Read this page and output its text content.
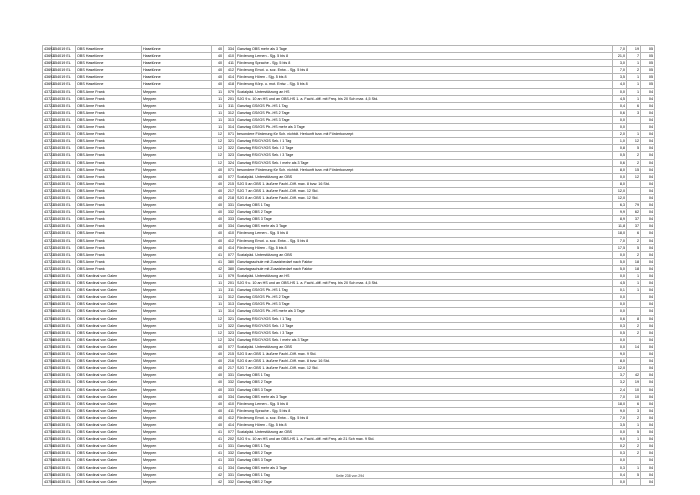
43692	454019 EL	OBS Haselünne	Haselünne	40	334	Ganztag OBS mehr als 3 Tage	7,0	19	05
43692	454019 EL	OBS Haselünne	Haselünne	40	410	Förderung Lernen - Sjg. 5 bis 8	21,0	7	05
43692	454019 EL	OBS Haselünne	Haselünne	40	411	Förderung Sprache - Sjg. 5 bis 8	3,0	1	05
43692	454019 EL	OBS Haselünne	Haselünne	40	412	Förderung Emot. u. soz. Entw. - Sjg. 5 bis 8	7,0	2	05
43692	454019 EL	OBS Haselünne	Haselünne	40	414	Förderung Hören - Sjg. 5 bis 8	3,5	1	05
43692	454019 EL	OBS Haselünne	Haselünne	40	418	Förderung Körp. u. mot. Entw. - Sjg. 5 bis 8	4,0	1	05
43722	454035 EL	OBS Anne Frank	Meppen	11	079	Sozialpäd. Unterstützung an HS	0,0	1	04
43722	454035 EL	OBS Anne Frank	Meppen	11	201	SJG 9 u. 10 an HS und an OBS-HS 1. a. Fachl.-diff. mit Freq. bis 20 Sch max. 4,5 Std.	4,5	1	04
43722	454035 EL	OBS Anne Frank	Meppen	11	311	Ganztag GS/IGS Pb.-HS 1 Tag	0,4	6	04
43722	454035 EL	OBS Anne Frank	Meppen	11	312	Ganztag GS/IGS Pb.-HS 2 Tage	0,6	3	04
43722	454035 EL	OBS Anne Frank	Meppen	11	313	Ganztag GS/IGS Pb.-HS 3 Tage	0,0		04
43722	454035 EL	OBS Anne Frank	Meppen	11	314	Ganztag GS/IGS Pb.-HS mehr als 3 Tage	0,0		04
43722	454035 EL	OBS Anne Frank	Meppen	12	071	besondere Förderung für Sch. nichtdt. Herkunft bzw. mit Förderkonzept	2,0	1	04
43722	454035 EL	OBS Anne Frank	Meppen	12	321	Ganztag RS/GY/IGS Sek. I 1 Tag	1,0	12	04
43722	454035 EL	OBS Anne Frank	Meppen	12	322	Ganztag RS/GY/IGS Sek. I 2 Tage	0,8	5	04
43722	454035 EL	OBS Anne Frank	Meppen	12	323	Ganztag RS/GY/IGS Sek. I 3 Tage	0,5	2	04
43722	454035 EL	OBS Anne Frank	Meppen	12	324	Ganztag RS/GY/IGS Sek. I mehr als 3 Tage	0,6	2	04
43722	454035 EL	OBS Anne Frank	Meppen	40	071	besondere Förderung für Sch. nichtdt. Herkunft bzw. mit Förderkonzept	8,0	15	04
43722	454035 EL	OBS Anne Frank	Meppen	40	077	Sozialpäd. Unterstützung an OBS	0,0	12	04
43722	454035 EL	OBS Anne Frank	Meppen	40	215	SJG 5 an OBS 1. äußere Fachl.-Diff. max. 8 bzw. 16 Std.	8,0		04
43722	454035 EL	OBS Anne Frank	Meppen	40	217	SJG 7 an OBS 1. äußere Fachl.-Diff. max. 12 Std.	12,0		04
43722	454035 EL	OBS Anne Frank	Meppen	40	218	SJG 8 an OBS 1. äußere Fachl.-Diff. max. 12 Std.	12,0		04
43722	454035 EL	OBS Anne Frank	Meppen	40	331	Ganztag OBS 1 Tag	6,3	79	04
43722	454035 EL	OBS Anne Frank	Meppen	40	332	Ganztag OBS 2 Tage	9,9	62	04
43722	454035 EL	OBS Anne Frank	Meppen	40	333	Ganztag OBS 3 Tage	8,9	37	04
43722	454035 EL	OBS Anne Frank	Meppen	40	334	Ganztag OBS mehr als 3 Tage	11,8	37	04
43722	454035 EL	OBS Anne Frank	Meppen	40	410	Förderung Lernen - Sjg. 5 bis 8	18,0	6	04
43722	454035 EL	OBS Anne Frank	Meppen	40	412	Förderung Emot. u. soz. Entw. - Sjg. 5 bis 8	7,0	2	04
43722	454035 EL	OBS Anne Frank	Meppen	40	414	Förderung Hören - Sjg. 5 bis 8	17,5	5	04
43722	454035 EL	OBS Anne Frank	Meppen	41	077	Sozialpäd. Unterstützung an OBS	0,0	2	04
43722	454035 EL	OBS Anne Frank	Meppen	41	380	Ganztagsschule mit Zusatzbedarf nach Faktor	5,0	18	04
43722	454035 EL	OBS Anne Frank	Meppen	42	380	Ganztagsschule mit Zusatzbedarf nach Faktor	5,0	18	04
43758	454035 EL	OBS Kardinal von Galen	Meppen	11	079	Sozialpäd. Unterstützung an HS	0,0	1	04
43758	454035 EL	OBS Kardinal von Galen	Meppen	11	201	SJG 9 u. 10 an HS und an OBS-HS 1. a. Fachl.-diff. mit Freq. bis 20 Sch max. 4,5 Std.	4,5	1	04
43758	454035 EL	OBS Kardinal von Galen	Meppen	11	311	Ganztag GS/IGS Pb.-HS 1 Tag	0,1	1	04
43758	454035 EL	OBS Kardinal von Galen	Meppen	11	312	Ganztag GS/IGS Pb.-HS 2 Tage	0,0		04
43758	454035 EL	OBS Kardinal von Galen	Meppen	11	313	Ganztag GS/IGS Pb.-HS 3 Tage	0,0		04
43758	454035 EL	OBS Kardinal von Galen	Meppen	11	314	Ganztag GS/IGS Pb.-HS mehr als 3 Tage	0,0		04
43758	454035 EL	OBS Kardinal von Galen	Meppen	12	321	Ganztag RS/GY/IGS Sek. I 1 Tag	0,6	8	04
43758	454035 EL	OBS Kardinal von Galen	Meppen	12	322	Ganztag RS/GY/IGS Sek. I 2 Tage	0,3	2	04
43758	454035 EL	OBS Kardinal von Galen	Meppen	12	323	Ganztag RS/GY/IGS Sek. I 3 Tage	0,5	2	04
43758	454035 EL	OBS Kardinal von Galen	Meppen	12	324	Ganztag RS/GY/IGS Sek. I mehr als 3 Tage	0,0		04
43758	454035 EL	OBS Kardinal von Galen	Meppen	40	077	Sozialpäd. Unterstützung an OBS	0,0	14	04
43758	454035 EL	OBS Kardinal von Galen	Meppen	40	215	SJG 5 an OBS 1. äußere Fachl.-Diff. max. 9 Std.	9,0		04
43758	454035 EL	OBS Kardinal von Galen	Meppen	40	216	SJG 6 an OBS 1. äußere Fachl.-Diff. max. 8 bzw. 16 Std.	8,0		04
43758	454035 EL	OBS Kardinal von Galen	Meppen	40	217	SJG 7 an OBS 1. äußere Fachl.-Diff. max. 12 Std.	12,0		04
43758	454035 EL	OBS Kardinal von Galen	Meppen	40	331	Ganztag OBS 1 Tag	3,7	42	04
43758	454035 EL	OBS Kardinal von Galen	Meppen	40	332	Ganztag OBS 2 Tage	3,2	19	04
43758	454035 EL	OBS Kardinal von Galen	Meppen	40	333	Ganztag OBS 3 Tage	2,4	10	04
43758	454035 EL	OBS Kardinal von Galen	Meppen	40	334	Ganztag OBS mehr als 3 Tage	7,0	10	04
43758	454035 EL	OBS Kardinal von Galen	Meppen	40	410	Förderung Lernen - Sjg. 5 bis 8	18,0	6	04
43758	454035 EL	OBS Kardinal von Galen	Meppen	40	411	Förderung Sprache - Sjg. 5 bis 8	9,0	3	04
43758	454035 EL	OBS Kardinal von Galen	Meppen	40	412	Förderung Emot. u. soz. Entw. - Sjg. 5 bis 8	7,0	2	04
43758	454035 EL	OBS Kardinal von Galen	Meppen	40	414	Förderung Hören - Sjg. 5 bis 8	3,5	1	04
43758	454035 EL	OBS Kardinal von Galen	Meppen	41	077	Sozialpäd. Unterstützung an OBS	0,0	5	04
43758	454035 EL	OBS Kardinal von Galen	Meppen	41	202	SJG 9 u. 10 an HS und an OBS-HS 1. a. Fachl.-diff. mit Freq. ab 21 Sch max. 9 Std.	9,0	1	04
43758	454035 EL	OBS Kardinal von Galen	Meppen	41	331	Ganztag OBS 1 Tag	0,2	2	04
43758	454035 EL	OBS Kardinal von Galen	Meppen	41	332	Ganztag OBS 2 Tage	0,3	2	04
43758	454035 EL	OBS Kardinal von Galen	Meppen	41	333	Ganztag OBS 3 Tage	0,0		04
43758	454035 EL	OBS Kardinal von Galen	Meppen	41	334	Ganztag OBS mehr als 3 Tage	0,3	1	04
43758	454035 EL	OBS Kardinal von Galen	Meppen	42	331	Ganztag OBS 1 Tag	0,4	5	04
43758	454035 EL	OBS Kardinal von Galen	Meppen	42	332	Ganztag OBS 2 Tage	0,0		04
Seite 238 von 294
